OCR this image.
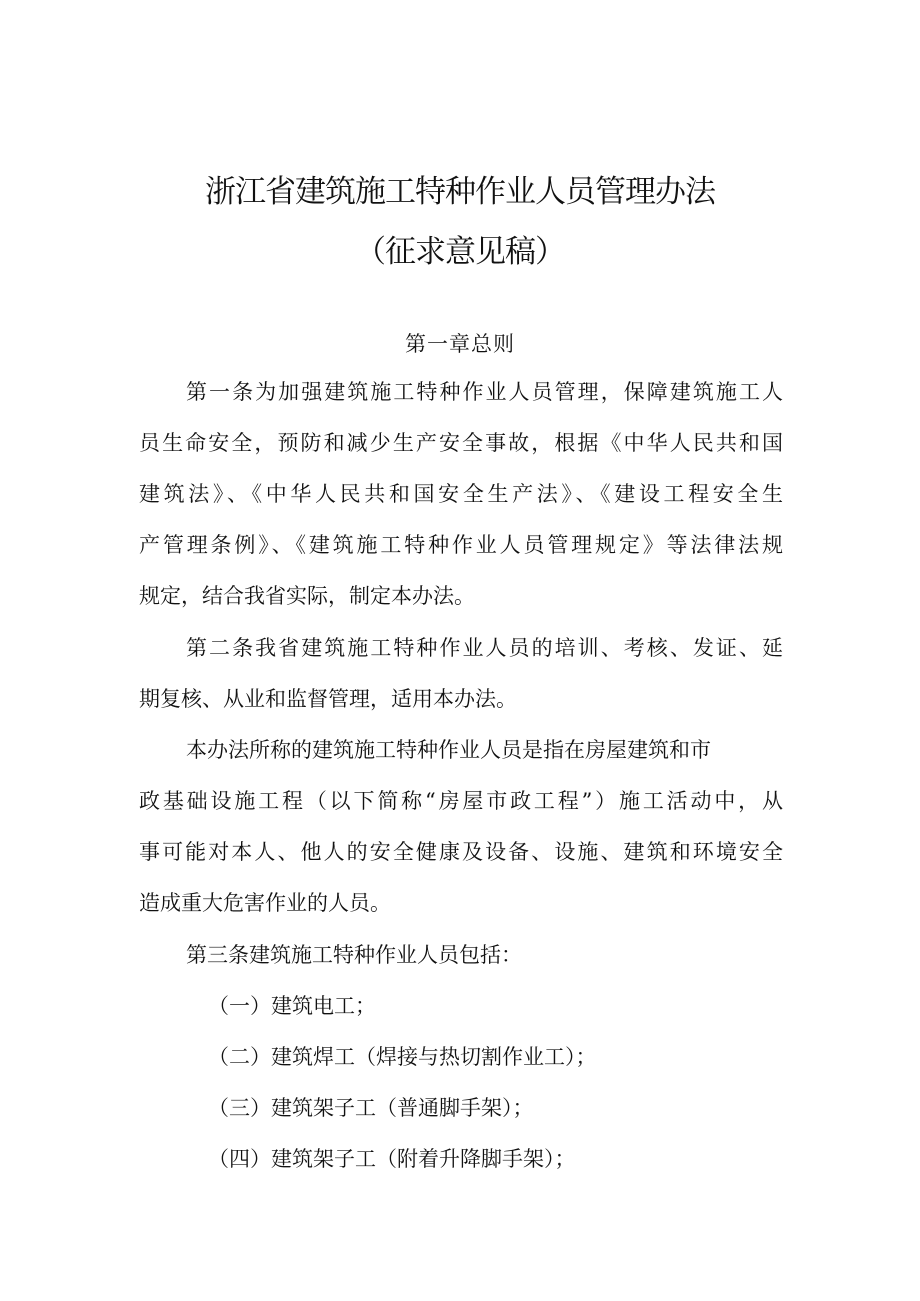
浙江省建筑施工特种作业人员管理办法
（征求意见稿）
第一章总则
第一条为加强建筑施工特种作业人员管理，保障建筑施工人
员生命安全，预防和减少生产安全事故，根据《中华人民共和国
建筑法》、《中华人民共和国安全生产法》、《建设工程安全生
产管理条例》、《建筑施工特种作业人员管理规定》等法律法规
规定，结合我省实际，制定本办法。
第二条我省建筑施工特种作业人员的培训、考核、发证、延
期复核、从业和监督管理，适用本办法。
本办法所称的建筑施工特种作业人员是指在房屋建筑和市
政基础设施工程（以下简称“房屋市政工程”）施工活动中，从
事可能对本人、他人的安全健康及设备、设施、建筑和环境安全
造成重大危害作业的人员。
第三条建筑施工特种作业人员包括：
（一）建筑电工；
（二）建筑焊工（焊接与热切割作业工）；
（三）建筑架子工（普通脚手架）；
（四）建筑架子工（附着升降脚手架）；
